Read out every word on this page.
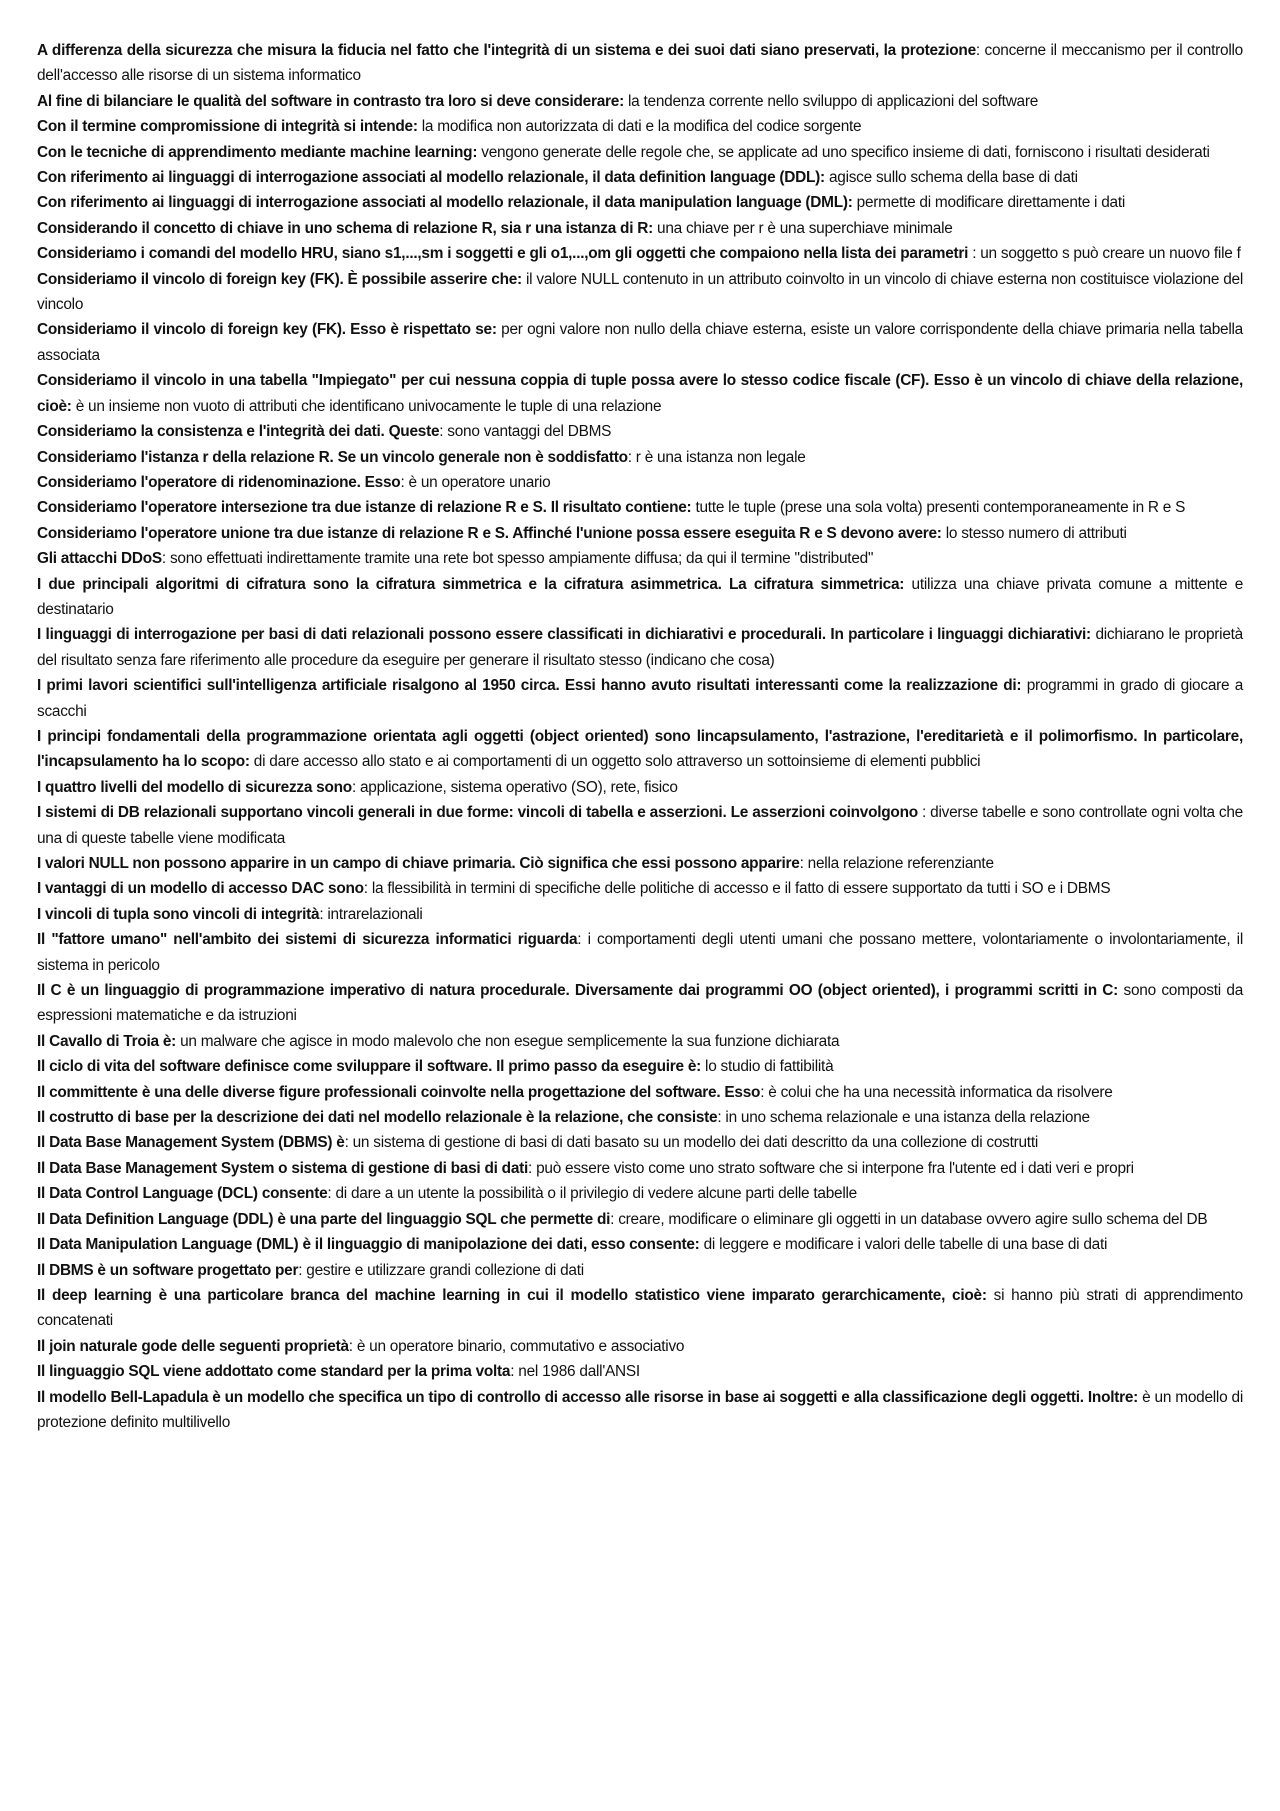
A differenza della sicurezza che misura la fiducia nel fatto che l'integrità di un sistema e dei suoi dati siano preservati, la protezione: concerne il meccanismo per il controllo dell'accesso alle risorse di un sistema informatico

Al fine di bilanciare le qualità del software in contrasto tra loro si deve considerare: la tendenza corrente nello sviluppo di applicazioni del software

Con il termine compromissione di integrità si intende: la modifica non autorizzata di dati e la modifica del codice sorgente

Con le tecniche di apprendimento mediante machine learning: vengono generate delle regole che, se applicate ad uno specifico insieme di dati, forniscono i risultati desiderati

Con riferimento ai linguaggi di interrogazione associati al modello relazionale, il data definition language (DDL): agisce sullo schema della base di dati

Con riferimento ai linguaggi di interrogazione associati al modello relazionale, il data manipulation language (DML): permette di modificare direttamente i dati

Considerando il concetto di chiave in uno schema di relazione R, sia r una istanza di R: una chiave per r è una superchiave minimale

Consideriamo i comandi del modello HRU, siano s1,...,sm i soggetti e gli o1,...,om gli oggetti che compaiono nella lista dei parametri : un soggetto s può creare un nuovo file f

Consideriamo il vincolo di foreign key (FK). È possibile asserire che: il valore NULL contenuto in un attributo coinvolto in un vincolo di chiave esterna non costituisce violazione del vincolo

Consideriamo il vincolo di foreign key (FK). Esso è rispettato se: per ogni valore non nullo della chiave esterna, esiste un valore corrispondente della chiave primaria nella tabella associata

Consideriamo il vincolo in una tabella "Impiegato" per cui nessuna coppia di tuple possa avere lo stesso codice fiscale (CF). Esso è un vincolo di chiave della relazione, cioè: è un insieme non vuoto di attributi che identificano univocamente le tuple di una relazione

Consideriamo la consistenza e l'integrità dei dati. Queste: sono vantaggi del DBMS

Consideriamo l'istanza r della relazione R. Se un vincolo generale non è soddisfatto: r è una istanza non legale

Consideriamo l'operatore di ridenominazione. Esso: è un operatore unario

Consideriamo l'operatore intersezione tra due istanze di relazione R e S. Il risultato contiene: tutte le tuple (prese una sola volta) presenti contemporaneamente in R e S

Consideriamo l'operatore unione tra due istanze di relazione R e S. Affinché l'unione possa essere eseguita R e S devono avere: lo stesso numero di attributi

Gli attacchi DDoS: sono effettuati indirettamente tramite una rete bot spesso ampiamente diffusa; da qui il termine "distributed"

I due principali algoritmi di cifratura sono la cifratura simmetrica e la cifratura asimmetrica. La cifratura simmetrica: utilizza una chiave privata comune a mittente e destinatario

I linguaggi di interrogazione per basi di dati relazionali possono essere classificati in dichiarativi e procedurali. In particolare i linguaggi dichiarativi: dichiarano le proprietà del risultato senza fare riferimento alle procedure da eseguire per generare il risultato stesso (indicano che cosa)

I primi lavori scientifici sull'intelligenza artificiale risalgono al 1950 circa. Essi hanno avuto risultati interessanti come la realizzazione di: programmi in grado di giocare a scacchi

I principi fondamentali della programmazione orientata agli oggetti (object oriented) sono lincapsulamento, l'astrazione, l'ereditarietà e il polimorfismo. In particolare, l'incapsulamento ha lo scopo: di dare accesso allo stato e ai comportamenti di un oggetto solo attraverso un sottoinsieme di elementi pubblici

I quattro livelli del modello di sicurezza sono: applicazione, sistema operativo (SO), rete, fisico

I sistemi di DB relazionali supportano vincoli generali in due forme: vincoli di tabella e asserzioni. Le asserzioni coinvolgono : diverse tabelle e sono controllate ogni volta che una di queste tabelle viene modificata

I valori NULL non possono apparire in un campo di chiave primaria. Ciò significa che essi possono apparire: nella relazione referenziante

I vantaggi di un modello di accesso DAC sono: la flessibilità in termini di specifiche delle politiche di accesso e il fatto di essere supportato da tutti i SO e i DBMS

I vincoli di tupla sono vincoli di integrità: intrarelazionali

Il "fattore umano" nell'ambito dei sistemi di sicurezza informatici riguarda: i comportamenti degli utenti umani che possano mettere, volontariamente o involontariamente, il sistema in pericolo

Il C è un linguaggio di programmazione imperativo di natura procedurale. Diversamente dai programmi OO (object oriented), i programmi scritti in C: sono composti da espressioni matematiche e da istruzioni

Il Cavallo di Troia è: un malware che agisce in modo malevolo che non esegue semplicemente la sua funzione dichiarata

Il ciclo di vita del software definisce come sviluppare il software. Il primo passo da eseguire è: lo studio di fattibilità

Il committente è una delle diverse figure professionali coinvolte nella progettazione del software. Esso: è colui che ha una necessità informatica da risolvere

Il costrutto di base per la descrizione dei dati nel modello relazionale è la relazione, che consiste: in uno schema relazionale e una istanza della relazione

Il Data Base Management System (DBMS) è: un sistema di gestione di basi di dati basato su un modello dei dati descritto da una collezione di costrutti

Il Data Base Management System o sistema di gestione di basi di dati: può essere visto come uno strato software che si interpone fra l'utente ed i dati veri e propri

Il Data Control Language (DCL) consente: di dare a un utente la possibilità o il privilegio di vedere alcune parti delle tabelle

Il Data Definition Language (DDL) è una parte del linguaggio SQL che permette di: creare, modificare o eliminare gli oggetti in un database ovvero agire sullo schema del DB

Il Data Manipulation Language (DML) è il linguaggio di manipolazione dei dati, esso consente: di leggere e modificare i valori delle tabelle di una base di dati

Il DBMS è un software progettato per: gestire e utilizzare grandi collezione di dati

Il deep learning è una particolare branca del machine learning in cui il modello statistico viene imparato gerarchicamente, cioè: si hanno più strati di apprendimento concatenati

Il join naturale gode delle seguenti proprietà: è un operatore binario, commutativo e associativo

Il linguaggio SQL viene addottato come standard per la prima volta: nel 1986 dall'ANSI

Il modello Bell-Lapadula è un modello che specifica un tipo di controllo di accesso alle risorse in base ai soggetti e alla classificazione degli oggetti. Inoltre: è un modello di protezione definito multilivello
